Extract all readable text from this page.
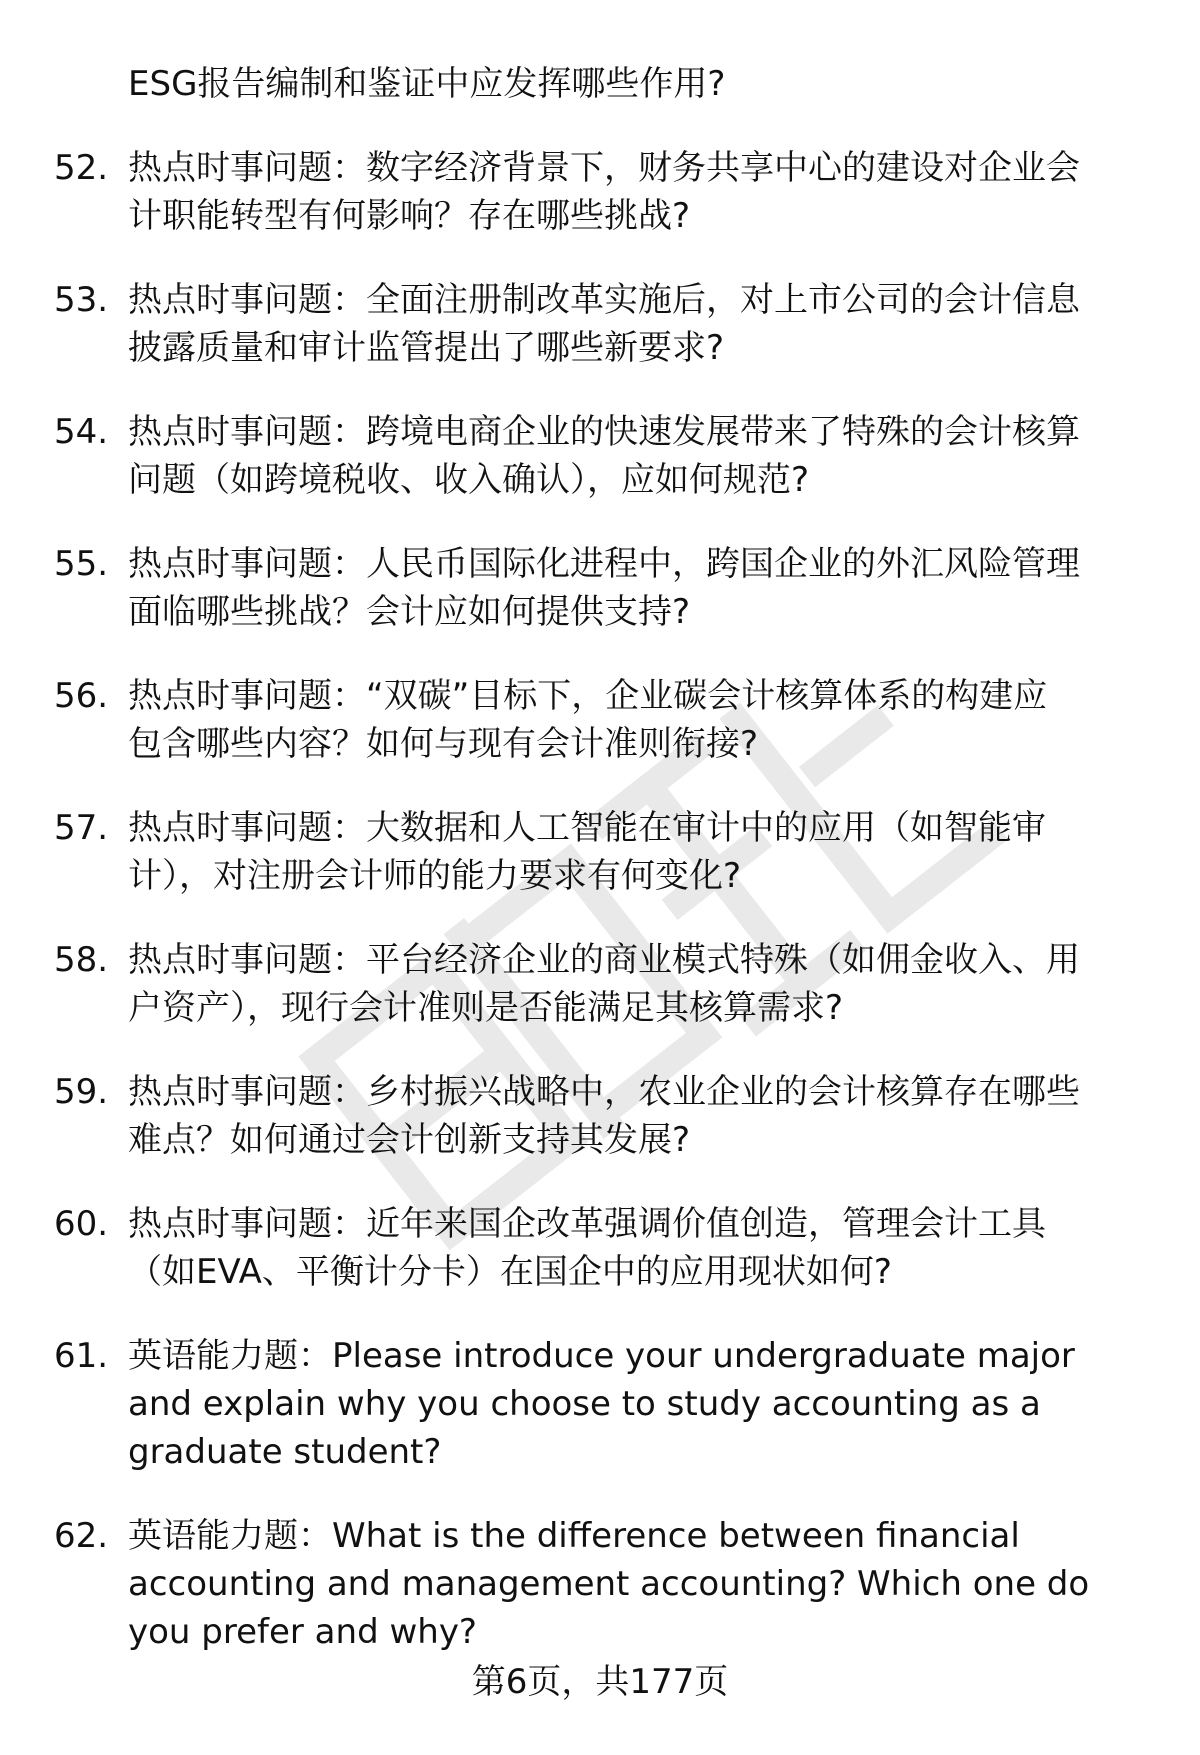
ESG报告编制和鉴证中应发挥哪些作用?
52. 热点时事问题：数字经济背景下，财务共享中心的建设对企业会
计职能转型有何影响？存在哪些挑战?
53. 热点时事问题：全面注册制改革实施后，对上市公司的会计信息
披露质量和审计监管提出了哪些新要求?
54. 热点时事问题：跨境电商企业的快速发展带来了特殊的会计核算
问题（如跨境税收、收入确认），应如何规范?
55. 热点时事问题：人民币国际化进程中，跨国企业的外汇风险管理
面临哪些挑战？会计应如何提供支持?
56. 热点时事问题：“双碳”目标下，企业碳会计核算体系的构建应
包含哪些内容？如何与现有会计准则衔接?
57. 热点时事问题：大数据和人工智能在审计中的应用（如智能审
计），对注册会计师的能力要求有何变化?
58. 热点时事问题：平台经济企业的商业模式特殊（如佣金收入、用
户资产），现行会计准则是否能满足其核算需求?
59. 热点时事问题：乡村振兴战略中，农业企业的会计核算存在哪些
难点？如何通过会计创新支持其发展?
60. 热点时事问题：近年来国企改革强调价值创造，管理会计工具
（如EVA、平衡计分卡）在国企中的应用现状如何?
61. 英语能力题：Please introduce your undergraduate major
and explain why you choose to study accounting as a
graduate student?
62. 英语能力题：What is the difference between financial
accounting and management accounting? Which one do
you prefer and why?
第6页，共177页
